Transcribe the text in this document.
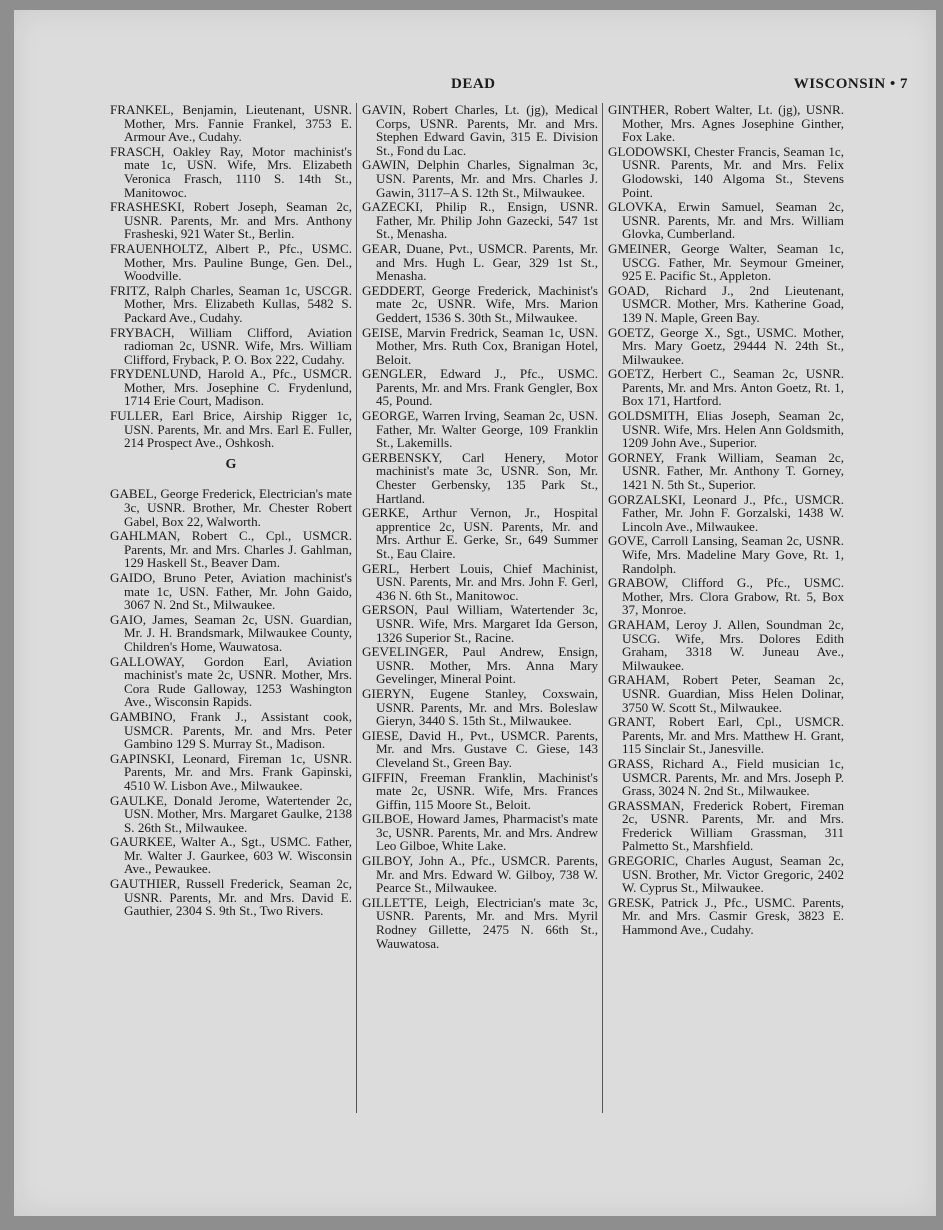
DEAD	WISCONSIN • 7
FRANKEL, Benjamin, Lieutenant, USNR. Mother, Mrs. Fannie Frankel, 3753 E. Armour Ave., Cudahy.
FRASCH, Oakley Ray, Motor machinist's mate 1c, USN. Wife, Mrs. Elizabeth Veronica Frasch, 1110 S. 14th St., Manitowoc.
FRASHESKI, Robert Joseph, Seaman 2c, USNR. Parents, Mr. and Mrs. Anthony Frasheski, 921 Water St., Berlin.
FRAUENHOLTZ, Albert P., Pfc., USMC. Mother, Mrs. Pauline Bunge, Gen. Del., Woodville.
FRITZ, Ralph Charles, Seaman 1c, USCGR. Mother, Mrs. Elizabeth Kullas, 5482 S. Packard Ave., Cudahy.
FRYBACH, William Clifford, Aviation radioman 2c, USNR. Wife, Mrs. William Clifford, Fryback, P. O. Box 222, Cudahy.
FRYDENLUND, Harold A., Pfc., USMCR. Mother, Mrs. Josephine C. Frydenlund, 1714 Erie Court, Madison.
FULLER, Earl Brice, Airship Rigger 1c, USN. Parents, Mr. and Mrs. Earl E. Fuller, 214 Prospect Ave., Oshkosh.
G
GABEL, George Frederick, Electrician's mate 3c, USNR. Brother, Mr. Chester Robert Gabel, Box 22, Walworth.
GAHLMAN, Robert C., Cpl., USMCR. Parents, Mr. and Mrs. Charles J. Gahlman, 129 Haskell St., Beaver Dam.
GAIDO, Bruno Peter, Aviation machinist's mate 1c, USN. Father, Mr. John Gaido, 3067 N. 2nd St., Milwaukee.
GAIO, James, Seaman 2c, USN. Guardian, Mr. J. H. Brandsmark, Milwaukee County, Children's Home, Wauwatosa.
GALLOWAY, Gordon Earl, Aviation machinist's mate 2c, USNR. Mother, Mrs. Cora Rude Galloway, 1253 Washington Ave., Wisconsin Rapids.
GAMBINO, Frank J., Assistant cook, USMCR. Parents, Mr. and Mrs. Peter Gambino 129 S. Murray St., Madison.
GAPINSKI, Leonard, Fireman 1c, USNR. Parents, Mr. and Mrs. Frank Gapinski, 4510 W. Lisbon Ave., Milwaukee.
GAULKE, Donald Jerome, Watertender 2c, USN. Mother, Mrs. Margaret Gaulke, 2138 S. 26th St., Milwaukee.
GAURKEE, Walter A., Sgt., USMC. Father, Mr. Walter J. Gaurkee, 603 W. Wisconsin Ave., Pewaukee.
GAUTHIER, Russell Frederick, Seaman 2c, USNR. Parents, Mr. and Mrs. David E. Gauthier, 2304 S. 9th St., Two Rivers.
GAVIN, Robert Charles, Lt. (jg), Medical Corps, USNR. Parents, Mr. and Mrs. Stephen Edward Gavin, 315 E. Division St., Fond du Lac.
GAWIN, Delphin Charles, Signalman 3c, USN. Parents, Mr. and Mrs. Charles J. Gawin, 3117–A S. 12th St., Milwaukee.
GAZECKI, Philip R., Ensign, USNR. Father, Mr. Philip John Gazecki, 547 1st St., Menasha.
GEAR, Duane, Pvt., USMCR. Parents, Mr. and Mrs. Hugh L. Gear, 329 1st St., Menasha.
GEDDERT, George Frederick, Machinist's mate 2c, USNR. Wife, Mrs. Marion Geddert, 1536 S. 30th St., Milwaukee.
GEISE, Marvin Fredrick, Seaman 1c, USN. Mother, Mrs. Ruth Cox, Branigan Hotel, Beloit.
GENGLER, Edward J., Pfc., USMC. Parents, Mr. and Mrs. Frank Gengler, Box 45, Pound.
GEORGE, Warren Irving, Seaman 2c, USN. Father, Mr. Walter George, 109 Franklin St., Lakemills.
GERBENSKY, Carl Henery, Motor machinist's mate 3c, USNR. Son, Mr. Chester Gerbensky, 135 Park St., Hartland.
GERKE, Arthur Vernon, Jr., Hospital apprentice 2c, USN. Parents, Mr. and Mrs. Arthur E. Gerke, Sr., 649 Summer St., Eau Claire.
GERL, Herbert Louis, Chief Machinist, USN. Parents, Mr. and Mrs. John F. Gerl, 436 N. 6th St., Manitowoc.
GERSON, Paul William, Watertender 3c, USNR. Wife, Mrs. Margaret Ida Gerson, 1326 Superior St., Racine.
GEVELINGER, Paul Andrew, Ensign, USNR. Mother, Mrs. Anna Mary Gevelinger, Mineral Point.
GIERYN, Eugene Stanley, Coxswain, USNR. Parents, Mr. and Mrs. Boleslaw Gieryn, 3440 S. 15th St., Milwaukee.
GIESE, David H., Pvt., USMCR. Parents, Mr. and Mrs. Gustave C. Giese, 143 Cleveland St., Green Bay.
GIFFIN, Freeman Franklin, Machinist's mate 2c, USNR. Wife, Mrs. Frances Giffin, 115 Moore St., Beloit.
GILBOE, Howard James, Pharmacist's mate 3c, USNR. Parents, Mr. and Mrs. Andrew Leo Gilboe, White Lake.
GILBOY, John A., Pfc., USMCR. Parents, Mr. and Mrs. Edward W. Gilboy, 738 W. Pearce St., Milwaukee.
GILLETTE, Leigh, Electrician's mate 3c, USNR. Parents, Mr. and Mrs. Myril Rodney Gillette, 2475 N. 66th St., Wauwatosa.
GINTHER, Robert Walter, Lt. (jg), USNR. Mother, Mrs. Agnes Josephine Ginther, Fox Lake.
GLODOWSKI, Chester Francis, Seaman 1c, USNR. Parents, Mr. and Mrs. Felix Glodowski, 140 Algoma St., Stevens Point.
GLOVKA, Erwin Samuel, Seaman 2c, USNR. Parents, Mr. and Mrs. William Glovka, Cumberland.
GMEINER, George Walter, Seaman 1c, USCG. Father, Mr. Seymour Gmeiner, 925 E. Pacific St., Appleton.
GOAD, Richard J., 2nd Lieutenant, USMCR. Mother, Mrs. Katherine Goad, 139 N. Maple, Green Bay.
GOETZ, George X., Sgt., USMC. Mother, Mrs. Mary Goetz, 29444 N. 24th St., Milwaukee.
GOETZ, Herbert C., Seaman 2c, USNR. Parents, Mr. and Mrs. Anton Goetz, Rt. 1, Box 171, Hartford.
GOLDSMITH, Elias Joseph, Seaman 2c, USNR. Wife, Mrs. Helen Ann Goldsmith, 1209 John Ave., Superior.
GORNEY, Frank William, Seaman 2c, USNR. Father, Mr. Anthony T. Gorney, 1421 N. 5th St., Superior.
GORZALSKI, Leonard J., Pfc., USMCR. Father, Mr. John F. Gorzalski, 1438 W. Lincoln Ave., Milwaukee.
GOVE, Carroll Lansing, Seaman 2c, USNR. Wife, Mrs. Madeline Mary Gove, Rt. 1, Randolph.
GRABOW, Clifford G., Pfc., USMC. Mother, Mrs. Clora Grabow, Rt. 5, Box 37, Monroe.
GRAHAM, Leroy J. Allen, Soundman 2c, USCG. Wife, Mrs. Dolores Edith Graham, 3318 W. Juneau Ave., Milwaukee.
GRAHAM, Robert Peter, Seaman 2c, USNR. Guardian, Miss Helen Dolinar, 3750 W. Scott St., Milwaukee.
GRANT, Robert Earl, Cpl., USMCR. Parents, Mr. and Mrs. Matthew H. Grant, 115 Sinclair St., Janesville.
GRASS, Richard A., Field musician 1c, USMCR. Parents, Mr. and Mrs. Joseph P. Grass, 3024 N. 2nd St., Milwaukee.
GRASSMAN, Frederick Robert, Fireman 2c, USNR. Parents, Mr. and Mrs. Frederick William Grassman, 311 Palmetto St., Marshfield.
GREGORIC, Charles August, Seaman 2c, USN. Brother, Mr. Victor Gregoric, 2402 W. Cyprus St., Milwaukee.
GRESK, Patrick J., Pfc., USMC. Parents, Mr. and Mrs. Casmir Gresk, 3823 E. Hammond Ave., Cudahy.
